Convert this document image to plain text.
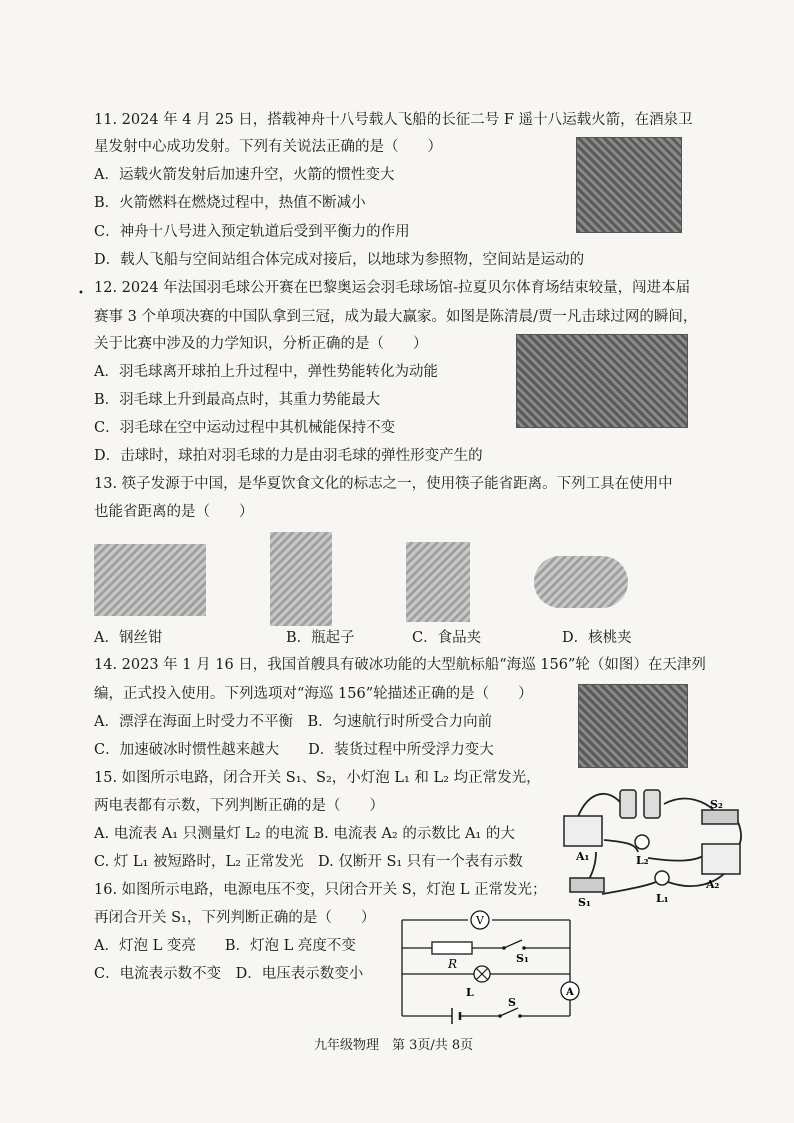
11. 2024 年 4 月 25 日，搭载神舟十八号载人飞船的长征二号 F 遥十八运载火箭，在酒泉卫
星发射中心成功发射。下列有关说法正确的是（　　）
A．运载火箭发射后加速升空，火箭的惯性变大
B．火箭燃料在燃烧过程中，热值不断减小
C．神舟十八号进入预定轨道后受到平衡力的作用
D．载人飞船与空间站组合体完成对接后，以地球为参照物，空间站是运动的
• 12. 2024 年法国羽毛球公开赛在巴黎奥运会羽毛球场馆-拉夏贝尔体育场结束较量，闯进本届
赛事 3 个单项决赛的中国队拿到三冠，成为最大赢家。如图是陈清晨/贾一凡击球过网的瞬间，
关于比赛中涉及的力学知识，分析正确的是（　　）
A．羽毛球离开球拍上升过程中，弹性势能转化为动能
B．羽毛球上升到最高点时，其重力势能最大
C．羽毛球在空中运动过程中其机械能保持不变
D．击球时，球拍对羽毛球的力是由羽毛球的弹性形变产生的
13. 筷子发源于中国，是华夏饮食文化的标志之一，使用筷子能省距离。下列工具在使用中
也能省距离的是（　　）
A．钢丝钳	B．瓶起子	C．食品夹	D．核桃夹
14. 2023 年 1 月 16 日，我国首艘具有破冰功能的大型航标船“海巡 156”轮（如图）在天津列
编，正式投入使用。下列选项对“海巡 156”轮描述正确的是（　　）
A．漂浮在海面上时受力不平衡　B．匀速航行时所受合力向前
C．加速破冰时惯性越来越大　　D．装货过程中所受浮力变大
15. 如图所示电路，闭合开关 S₁、S₂，小灯泡 L₁ 和 L₂ 均正常发光，
两电表都有示数，下列判断正确的是（　　）
A. 电流表 A₁ 只测量灯 L₂ 的电流 B. 电流表 A₂ 的示数比 A₁ 的大
C. 灯 L₁ 被短路时，L₂ 正常发光　D. 仅断开 S₁ 只有一个表有示数
S₂
A₁	L₂
A₂
S₁	L₁
16. 如图所示电路，电源电压不变，只闭合开关 S，灯泡 L 正常发光；
再闭合开关 S₁，下列判断正确的是（　　）
A．灯泡 L 变亮　　B．灯泡 L 亮度不变
C．电流表示数不变　D．电压表示数变小
V
R	S₁
L
S
A
九年级物理　第 3页/共 8页
